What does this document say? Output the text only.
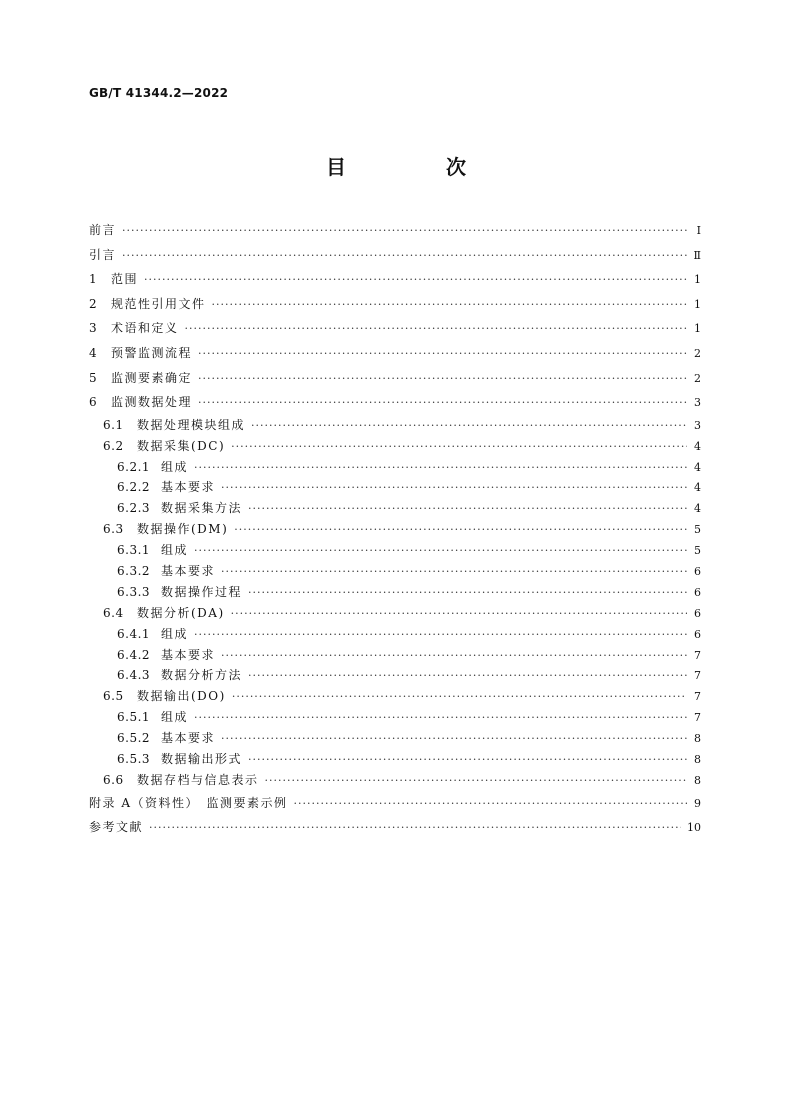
GB/T 41344.2—2022
目　次
前言 ·····	Ⅰ
引言 ·····	Ⅱ
1	范围 ·····	1
2	规范性引用文件 ·····	1
3	术语和定义 ·····	1
4	预警监测流程 ·····	2
5	监测要素确定 ·····	2
6	监测数据处理 ·····	3
6.1	数据处理模块组成 ·····	3
6.2	数据采集(DC) ·····	4
6.2.1 组成 ·····	4
6.2.2 基本要求 ·····	4
6.2.3 数据采集方法 ·····	4
6.3	数据操作(DM) ·····	5
6.3.1 组成 ·····	5
6.3.2 基本要求 ·····	6
6.3.3 数据操作过程 ·····	6
6.4	数据分析(DA) ·····	6
6.4.1 组成 ·····	6
6.4.2 基本要求 ·····	7
6.4.3 数据分析方法 ·····	7
6.5	数据输出(DO) ·····	7
6.5.1 组成 ·····	7
6.5.2 基本要求 ·····	8
6.5.3 数据输出形式 ·····	8
6.6	数据存档与信息表示 ·····	8
附录 A（资料性）　监测要素示例 ·····	9
参考文献 ·····	10
